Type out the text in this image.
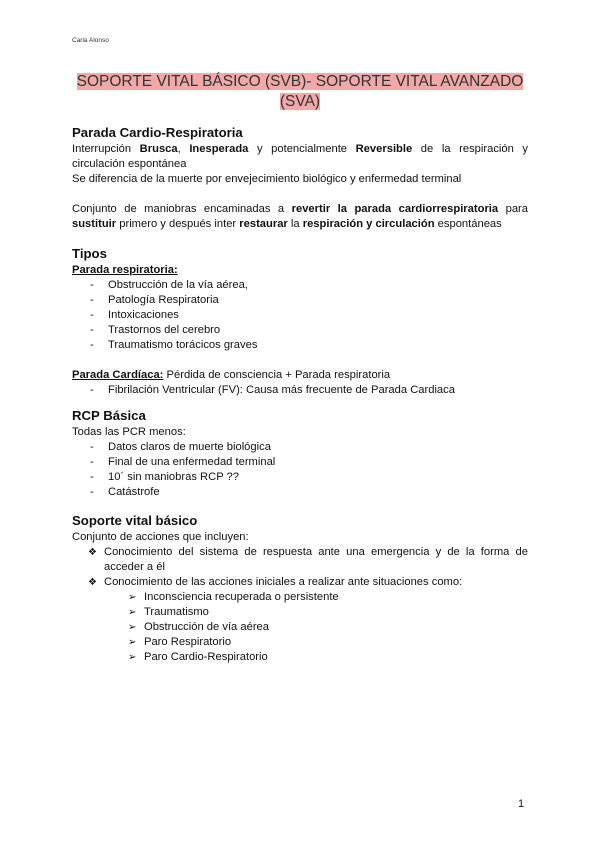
Carla Alonso
SOPORTE VITAL BÁSICO (SVB)- SOPORTE VITAL AVANZADO (SVA)
Parada Cardio-Respiratoria

Interrupción Brusca, Inesperada y potencialmente Reversible de la respiración y circulación espontánea

Se diferencia de la muerte por envejecimiento biológico y enfermedad terminal

Conjunto de maniobras encaminadas a revertir la parada cardiorrespiratoria para sustituir primero y después inter restaurar la respiración y circulación espontáneas

Tipos
Parada respiratoria:
- Obstrucción de la vía aérea,
- Patología Respiratoria
- Intoxicaciones
- Trastornos del cerebro
- Traumatismo torácicos graves

Parada Cardíaca: Pérdida de consciencia + Parada respiratoria

- Fibrilación Ventricular (FV): Causa más frecuente de Parada Cardiaca
RCP Básica

Todas las PCR menos:

- Datos claros de muerte biológica
- Final de una enfermedad terminal
- 10´ sin maniobras RCP ??
- Catástrofe
Soporte vital básico

Conjunto de acciones que incluyen:

❖ Conocimiento del sistema de respuesta ante una emergencia y de la forma de acceder a él
❖ Conocimiento de las acciones iniciales a realizar ante situaciones como:
➢ Inconsciencia recuperada o persistente
➢ Traumatismo
➢ Obstrucción de vía aérea
➢ Paro Respiratorio
➢ Paro Cardio-Respiratorio
1
